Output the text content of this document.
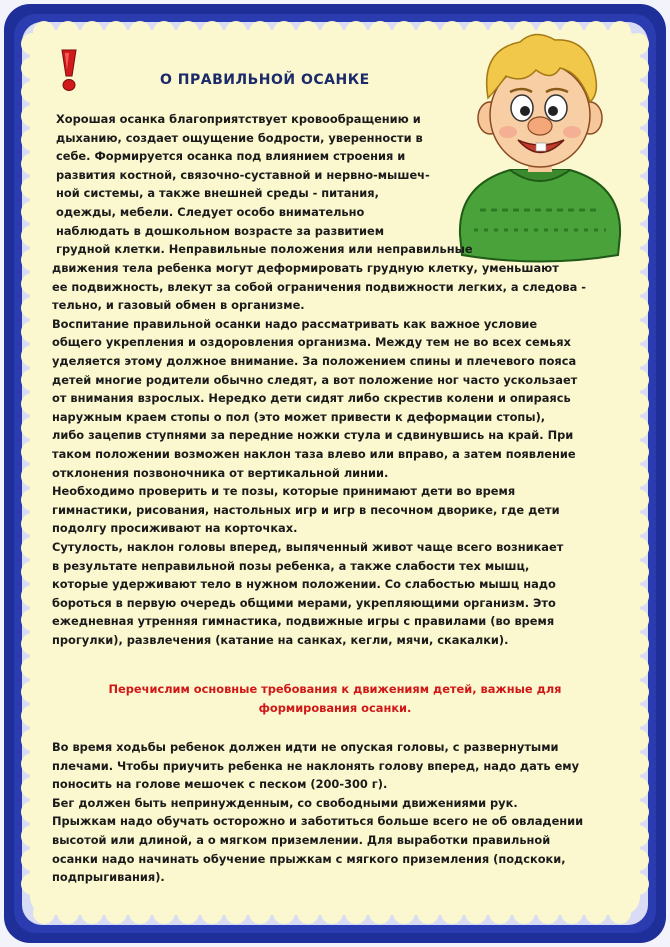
О ПРАВИЛЬНОЙ ОСАНКЕ
Хорошая осанка благоприятствует кровообращению и
дыханию, создает ощущение бодрости, уверенности в
себе. Формируется осанка под влиянием строения и
развития костной, связочно-суставной и нервно-мышеч-
ной системы, а также внешней среды - питания,
одежды, мебели. Следует особо внимательно
наблюдать в дошкольном возрасте за развитием
грудной клетки. Неправильные положения или неправильные
движения тела ребенка могут деформировать грудную клетку, уменьшают
ее подвижность, влекут за собой ограничения подвижности легких, а следова -
тельно, и газовый обмен в организме.
Воспитание правильной осанки надо рассматривать как важное условие
общего укрепления и оздоровления организма. Между тем не во всех семьях
уделяется этому должное внимание. За положением спины и плечевого пояса
детей многие родители обычно следят, а вот положение ног часто ускользает
от внимания взрослых. Нередко дети сидят либо скрестив колени и опираясь
наружным краем стопы о пол (это может привести к деформации стопы),
либо зацепив ступнями за передние ножки стула и сдвинувшись на край. При
таком положении возможен наклон таза влево или вправо, а затем появление
отклонения позвоночника от вертикальной линии.
Необходимо проверить и те позы, которые принимают дети во время
гимнастики, рисования, настольных игр и игр в песочном дворике, где дети
подолгу просиживают на корточках.
Сутулость, наклон головы вперед, выпяченный живот чаще всего возникает
в результате неправильной позы ребенка, а также слабости тех мышц,
которые удерживают тело в нужном положении. Со слабостью мышц надо
бороться в первую очередь общими мерами, укрепляющими организм. Это
ежедневная утренняя гимнастика, подвижные игры с правилами (во время
прогулки), развлечения (катание на санках, кегли, мячи, скакалки).
Перечислим основные требования к движениям детей, важные для
формирования осанки.
Во время ходьбы ребенок должен идти не опуская головы, с развернутыми
плечами. Чтобы приучить ребенка не наклонять голову вперед, надо дать ему
поносить на голове мешочек с песком (200-300 г).
Бег должен быть непринужденным, со свободными движениями рук.
Прыжкам надо обучать осторожно и заботиться больше всего не об овладении
высотой или длиной, а о мягком приземлении. Для выработки правильной
осанки надо начинать обучение прыжкам с мягкого приземления (подскоки,
подпрыгивания).
